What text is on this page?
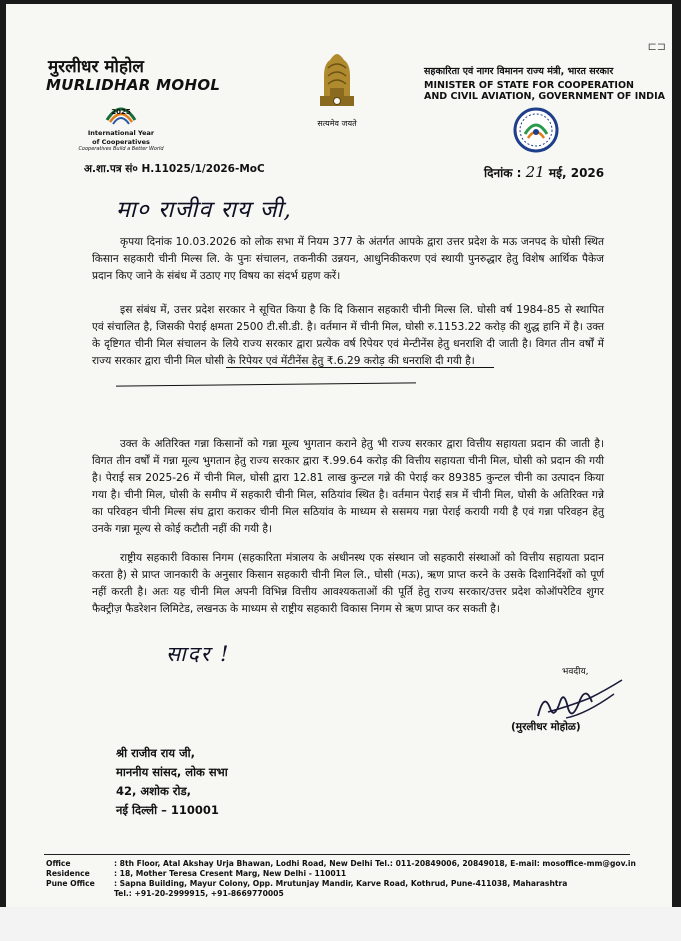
⊏⊐
मुरलीधर मोहोल
MURLIDHAR MOHOL
2025
International Year
of Cooperatives
Cooperatives Build a Better World
सत्यमेव जयते
सहकारिता एवं नागर विमानन राज्य मंत्री, भारत सरकार
MINISTER OF STATE FOR COOPERATION
AND CIVIL AVIATION, GOVERNMENT OF INDIA
अ.शा.पत्र सं० H.11025/1/2026-MoC	दिनांक : 21 मई, 2026
मा० राजीव राय जी,
कृपया दिनांक 10.03.2026 को लोक सभा में नियम 377 के अंतर्गत आपके द्वारा उत्तर प्रदेश के मऊ जनपद के घोसी स्थित किसान सहकारी चीनी मिल्स लि. के पुनः संचालन, तकनीकी उन्नयन, आधुनिकीकरण एवं स्थायी पुनरुद्धार हेतु विशेष आर्थिक पैकेज प्रदान किए जाने के संबंध में उठाए गए विषय का संदर्भ ग्रहण करें।
इस संबंध में, उत्तर प्रदेश सरकार ने सूचित किया है कि दि किसान सहकारी चीनी मिल्स लि. घोसी वर्ष 1984-85 से स्थापित एवं संचालित है, जिसकी पेराई क्षमता 2500 टी.सी.डी. है। वर्तमान में चीनी मिल, घोसी रु.1153.22 करोड़ की शुद्ध हानि में है। उक्त के दृष्टिगत चीनी मिल संचालन के लिये राज्य सरकार द्वारा प्रत्येक वर्ष रिपेयर एवं मेन्टीनेंस हेतु धनराशि दी जाती है। विगत तीन वर्षों में राज्य सरकार द्वारा चीनी मिल घोसी के रिपेयर एवं मेंटीनेंस हेतु ₹.6.29 करोड़ की धनराशि दी गयी है।
उक्त के अतिरिक्त गन्ना किसानों को गन्ना मूल्य भुगतान कराने हेतु भी राज्य सरकार द्वारा वित्तीय सहायता प्रदान की जाती है। विगत तीन वर्षों में गन्ना मूल्य भुगतान हेतु राज्य सरकार द्वारा ₹.99.64 करोड़ की वित्तीय सहायता चीनी मिल, घोसी को प्रदान की गयी है। पेराई सत्र 2025-26 में चीनी मिल, घोसी द्वारा 12.81 लाख कुन्टल गन्ने की पेराई कर 89385 कुन्टल चीनी का उत्पादन किया गया है। चीनी मिल, घोसी के समीप में सहकारी चीनी मिल, सठियांव स्थित है। वर्तमान पेराई सत्र में चीनी मिल, घोसी के अतिरिक्त गन्ने का परिवहन चीनी मिल्स संघ द्वारा कराकर चीनी मिल सठियांव के माध्यम से ससमय गन्ना पेराई करायी गयी है एवं गन्ना परिवहन हेतु उनके गन्ना मूल्य से कोई कटौती नहीं की गयी है।
राष्ट्रीय सहकारी विकास निगम (सहकारिता मंत्रालय के अधीनस्थ एक संस्थान जो सहकारी संस्थाओं को वित्तीय सहायता प्रदान करता है) से प्राप्त जानकारी के अनुसार किसान सहकारी चीनी मिल लि., घोसी (मऊ), ऋण प्राप्त करने के उसके दिशानिर्देशों को पूर्ण नहीं करती है। अतः यह चीनी मिल अपनी विभिन्न वित्तीय आवश्यकताओं की पूर्ति हेतु राज्य सरकार/उत्तर प्रदेश कोऑपरेटिव शुगर फैक्ट्रीज़ फैडरेशन लिमिटेड, लखनऊ के माध्यम से राष्ट्रीय सहकारी विकास निगम से ऋण प्राप्त कर सकती है।
सादर !
भवदीय,
(मुरलीधर मोहोळ)
श्री राजीव राय जी,
माननीय सांसद, लोक सभा
42, अशोक रोड,
नई दिल्ली – 110001
Office	: 8th Floor, Atal Akshay Urja Bhawan, Lodhi Road, New Delhi Tel.: 011-20849006, 20849018, E-mail: mosoffice-mm@gov.in
Residence	: 18, Mother Teresa Cresent Marg, New Delhi - 110011
Pune Office	: Sapna Building, Mayur Colony, Opp. Mrutunjay Mandir, Karve Road, Kothrud, Pune-411038, Maharashtra
Tel.: +91-20-2999915, +91-8669770005
